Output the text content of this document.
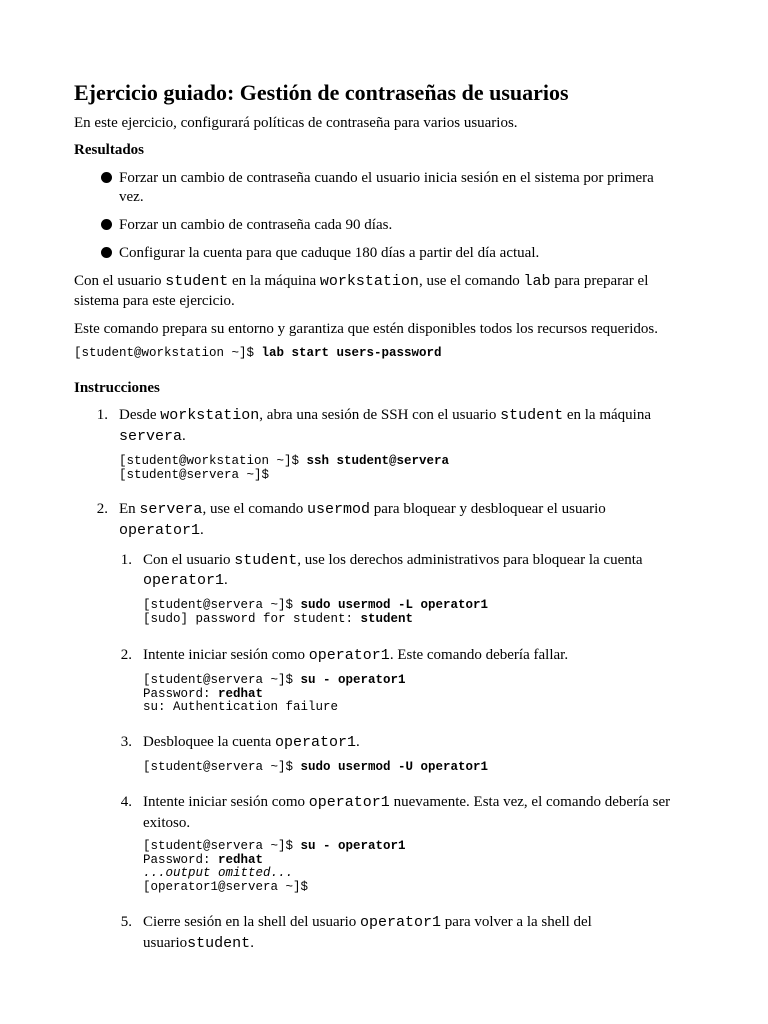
Ejercicio guiado: Gestión de contraseñas de usuarios
En este ejercicio, configurará políticas de contraseña para varios usuarios.
Resultados
Forzar un cambio de contraseña cuando el usuario inicia sesión en el sistema por primera
vez.
Forzar un cambio de contraseña cada 90 días.
Configurar la cuenta para que caduque 180 días a partir del día actual.
Con el usuario student en la máquina workstation, use el comando lab para preparar el
sistema para este ejercicio.
Este comando prepara su entorno y garantiza que estén disponibles todos los recursos requeridos.
[student@workstation ~]$ lab start users-password
Instrucciones
1. Desde workstation, abra una sesión de SSH con el usuario student en la máquina
servera.
[student@workstation ~]$ ssh student@servera
[student@servera ~]$
2. En servera, use el comando usermod para bloquear y desbloquear el usuario
operator1.
1. Con el usuario student, use los derechos administrativos para bloquear la cuenta
operator1.
[student@servera ~]$ sudo usermod -L operator1
[sudo] password for student: student
2. Intente iniciar sesión como operator1. Este comando debería fallar.
[student@servera ~]$ su - operator1
Password: redhat
su: Authentication failure
3. Desbloquee la cuenta operator1.
[student@servera ~]$ sudo usermod -U operator1
4. Intente iniciar sesión como operator1 nuevamente. Esta vez, el comando debería ser
exitoso.
[student@servera ~]$ su - operator1
Password: redhat
...output omitted...
[operator1@servera ~]$
5. Cierre sesión en la shell del usuario operator1 para volver a la shell del
usuariostudent.
